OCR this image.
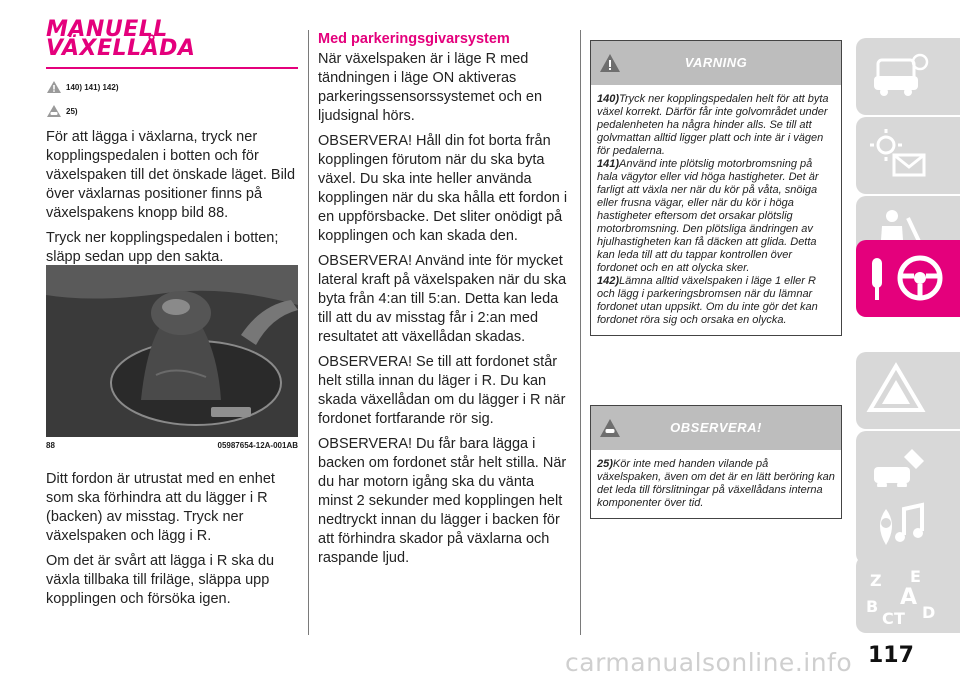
MANUELL
VÄXELLÅDA
140) 141) 142)
25)

För att lägga i växlarna, tryck ner kopplingspedalen i botten och för växelspaken till det önskade läget. Bild över växlarnas positioner finns på växelspakens knopp bild 88.

Tryck ner kopplingspedalen i botten; släpp sedan upp den sakta.

88	05987654-12A-001AB

Ditt fordon är utrustat med en enhet som ska förhindra att du lägger i R (backen) av misstag. Tryck ner växelspaken och lägg i R.

Om det är svårt att lägga i R ska du växla tillbaka till friläge, släppa upp kopplingen och försöka igen.

Med parkeringsgivarsystem

När växelspaken är i läge R med tändningen i läge ON aktiveras parkeringssensorssystemet och en ljudsignal hörs.

OBSERVERA! Håll din fot borta från kopplingen förutom när du ska byta växel. Du ska inte heller använda kopplingen när du ska hålla ett fordon i en uppförsbacke. Det sliter onödigt på kopplingen och kan skada den.

OBSERVERA! Använd inte för mycket lateral kraft på växelspaken när du ska byta från 4:an till 5:an. Detta kan leda till att du av misstag får i 2:an med resultatet att växellådan skadas.

OBSERVERA! Se till att fordonet står helt stilla innan du läger i R. Du kan skada växellådan om du lägger i R när fordonet fortfarande rör sig.

OBSERVERA! Du får bara lägga i backen om fordonet står helt stilla. När du har motorn igång ska du vänta minst 2 sekunder med kopplingen helt nedtryckt innan du lägger i backen för att förhindra skador på växlarna och raspande ljud.

VARNING

140)Tryck ner kopplingspedalen helt för att byta växel korrekt. Därför får inte golvområdet under pedalenheten ha några hinder alls. Se till att golvmattan alltid ligger platt och inte är i vägen för pedalerna.

141)Använd inte plötslig motorbromsning på hala vägytor eller vid höga hastigheter. Det är farligt att växla ner när du kör på våta, snöiga eller frusna vägar, eller när du kör i höga hastigheter eftersom det orsakar plötslig motorbromsning. Den plötsliga ändringen av hjulhastigheten kan få däcken att glida. Detta kan leda till att du tappar kontrollen över fordonet och en att olycka sker.

142)Lämna alltid växelspaken i läge 1 eller R och lägg i parkeringsbromsen när du lämnar fordonet utan uppsikt. Om du inte gör det kan fordonet röra sig och orsaka en olycka.

OBSERVERA!

25)Kör inte med handen vilande på växelspaken, även om det är en lätt beröring kan det leda till förslitningar på växellådans interna komponenter över tid.

Z E
A
B
C T D
carmanualsonline.info 117
